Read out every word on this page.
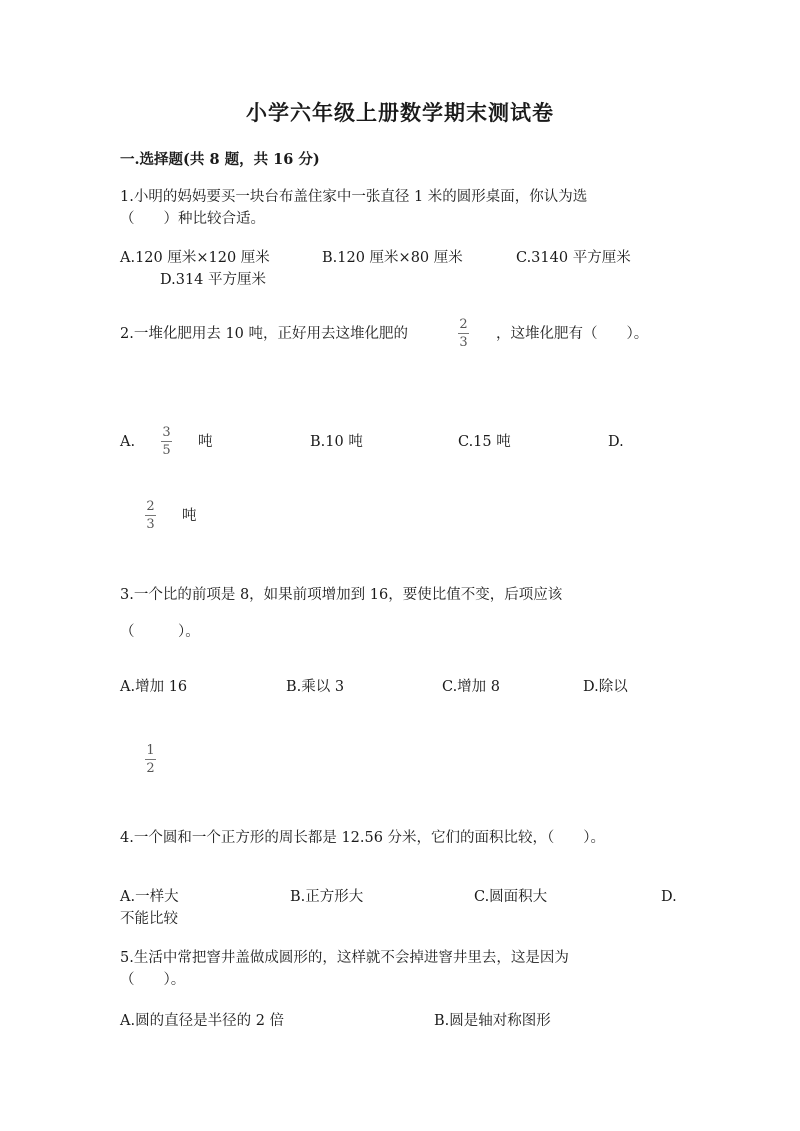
小学六年级上册数学期末测试卷
一.选择题(共 8 题，共 16 分)
1.小明的妈妈要买一块台布盖住家中一张直径 1 米的圆形桌面，你认为选
（　　）种比较合适。
A.120 厘米×120 厘米	B.120 厘米×80 厘米	C.3140 平方厘米
D.314 平方厘米
2.一堆化肥用去 10 吨，正好用去这堆化肥的
2
3
，这堆化肥有（　　）。
A.
3
5
吨	B.10 吨	C.15 吨	D.
2
3
吨
3.一个比的前项是 8，如果前项增加到 16，要使比值不变，后项应该
（　　　）。
A.增加 16	B.乘以 3	C.增加 8	D.除以
1
2
4.一个圆和一个正方形的周长都是 12.56 分米，它们的面积比较，（　　）。
A.一样大	B.正方形大	C.圆面积大	D.
不能比较
5.生活中常把窨井盖做成圆形的，这样就不会掉进窨井里去，这是因为
（　　）。
A.圆的直径是半径的 2 倍	B.圆是轴对称图形
